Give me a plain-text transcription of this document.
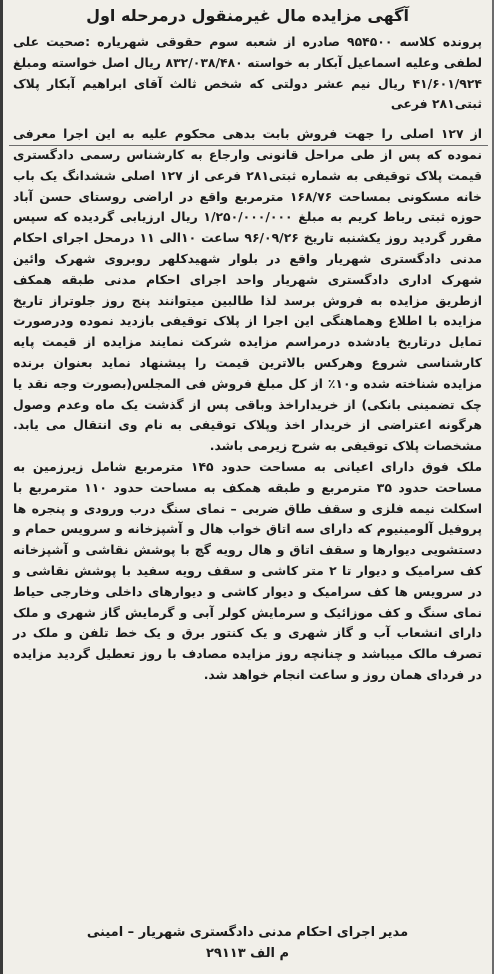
آگهی مزایده مال غیرمنقول درمرحله اول

پرونده کلاسه ۹۵۴۵۰۰ صادره از شعبه سوم حقوقی شهریاره :صحیت علی لطفی وعلیه اسماعیل آبکار به خواسته ۸۳۲/۰۳۸/۴۸۰ ریال اصل خواسته ومبلغ ۴۱/۶۰۱/۹۲۴ ریال نیم عشر دولتی که شخص ثالث آقای ابراهیم آبکار پلاک ثبتی۲۸۱ فرعی

از ۱۲۷ اصلی را جهت فروش بابت بدهی محکوم علیه به این اجرا معرفی نموده که پس از طی مراحل قانونی وارجاع به کارشناس رسمی دادگستری قیمت پلاک توقیفی به شماره ثبتی۲۸۱ فرعی از ۱۲۷ اصلی ششدانگ یک باب خانه مسکونی بمساحت ۱۶۸/۷۶ مترمربع واقع در اراضی روستای حسن آباد حوزه ثبتی رباط کریم به مبلغ ۱/۲۵۰/۰۰۰/۰۰۰ ریال ارزیابی گردیده که سپس مقرر گردید روز یکشنبه تاریخ ۹۶/۰۹/۲۶ ساعت ۱۰الی ۱۱ درمحل اجرای احکام مدنی دادگستری شهریار واقع در بلوار شهیدکلهر روبروی شهرک وائین شهرک اداری دادگستری شهریار واحد اجرای احکام مدنی طبقه همکف ازطریق مزایده به فروش برسد لذا طالبین میتوانند پنج روز جلوتراز تاریخ مزایده با اطلاع وهماهنگی این اجرا از پلاک توقیفی بازدید نموده ودرصورت تمایل درتاریخ یادشده درمراسم مزایده شرکت نمایند مزایده از قیمت پایه کارشناسی شروع وهرکس بالاترین قیمت را پیشنهاد نماید بعنوان برنده مزایده شناخته شده و۱۰٪ از کل مبلغ فروش فی المجلس(بصورت وجه نقد یا چک تضمینی بانکی) از خریداراخذ وباقی پس از گذشت یک ماه وعدم وصول هرگونه اعتراضی از خریدار اخذ وپلاک توقیفی به نام وی انتقال می یابد. مشخصات پلاک توقیفی به شرح زیرمی باشد.

ملک فوق دارای اعیانی به مساحت حدود ۱۴۵ مترمربع شامل زیرزمین به مساحت حدود ۳۵ مترمربع و طبقه همکف به مساحت حدود ۱۱۰ مترمربع با اسکلت نیمه فلزی و سقف طاق ضربی – نمای سنگ درب ورودی و پنجره ها پروفیل آلومینیوم که دارای سه اتاق خواب هال و آشپزخانه و سرویس حمام و دستشویی دیوارها و سقف اتاق و هال رویه گچ با پوشش نقاشی و آشپزخانه کف سرامیک و دیوار تا ۲ متر کاشی و سقف رویه سفید با پوشش نقاشی و در سرویس ها کف سرامیک و دیوار کاشی و دیوارهای داخلی وخارجی حیاط نمای سنگ و کف موزائیک و سرمایش کولر آبی و گرمایش گاز شهری و ملک دارای انشعاب آب و گاز شهری و یک کنتور برق و یک خط تلفن و ملک در تصرف مالک میباشد و چنانچه روز مزایده مصادف با روز تعطیل گردید مزایده در فردای همان روز و ساعت انجام خواهد شد.

مدیر اجرای احکام مدنی دادگستری شهریار – امینی
م الف ۲۹۱۱۳
